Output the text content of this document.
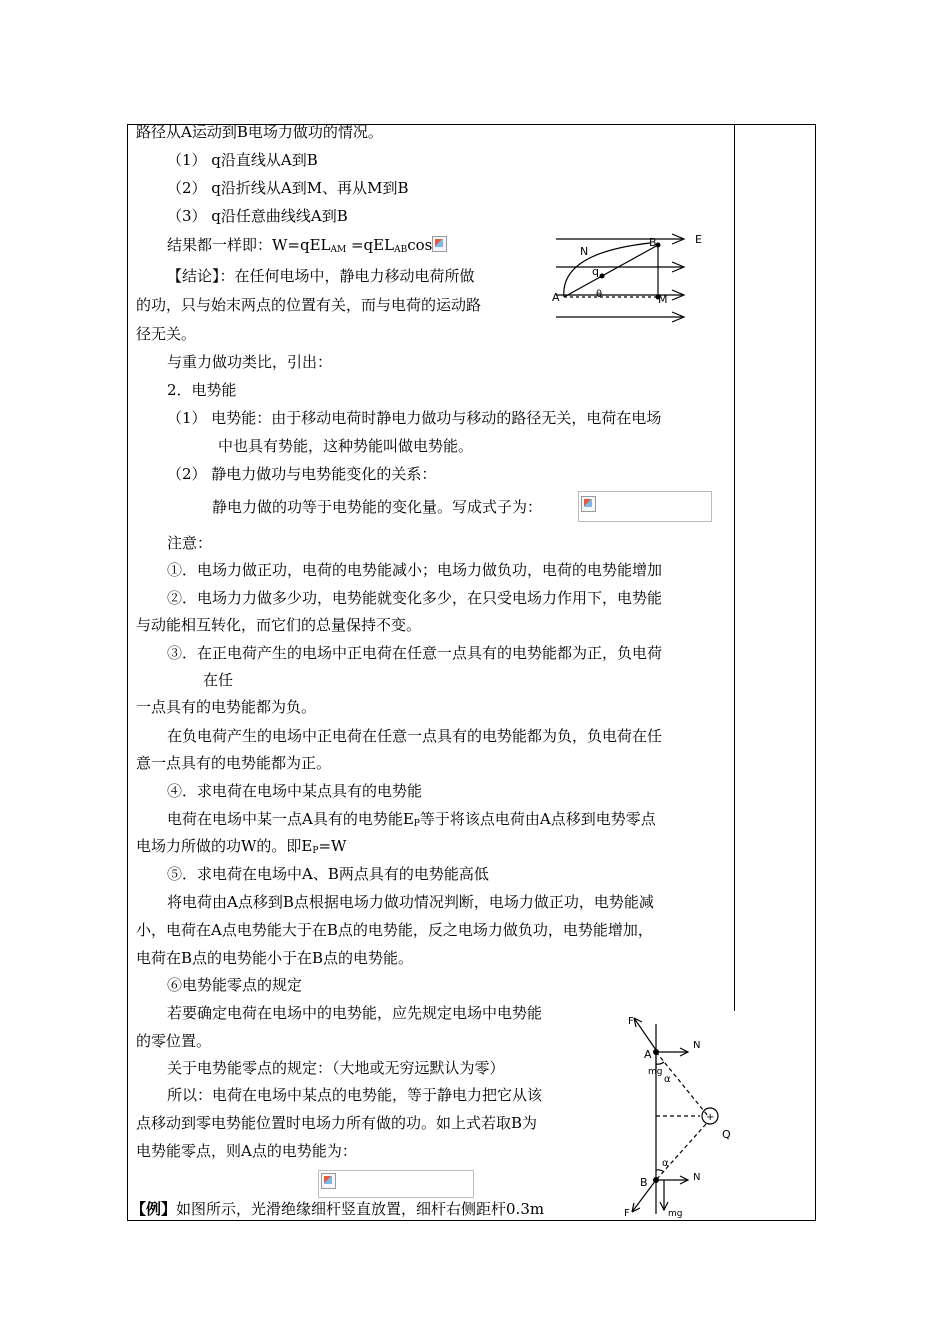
路径从A运动到B电场力做功的情况。
（1） q沿直线从A到B
（2） q沿折线从A到M、再从M到B
（3） q沿任意曲线线A到B
结果都一样即：W=qEL$_{AM}$ =qEL$_{AB}$cos
【结论】：在任何电场中，静电力移动电荷所做
的功，只与始末两点的位置有关，而与电荷的运动路
径无关。
E
N
B
q
θ
A	M
与重力做功类比，引出：
2．电势能
（1） 电势能：由于移动电荷时静电力做功与移动的路径无关，电荷在电场
中也具有势能，这种势能叫做电势能。
（2） 静电力做功与电势能变化的关系：
静电力做的功等于电势能的变化量。写成式子为：
注意：
①．电场力做正功，电荷的电势能减小；电场力做负功，电荷的电势能增加
②．电场力力做多少功，电势能就变化多少，在只受电场力作用下，电势能
与动能相互转化，而它们的总量保持不变。
③．在正电荷产生的电场中正电荷在任意一点具有的电势能都为正，负电荷
在任
一点具有的电势能都为负。
在负电荷产生的电场中正电荷在任意一点具有的电势能都为负，负电荷在任
意一点具有的电势能都为正。
④．求电荷在电场中某点具有的电势能
电荷在电场中某一点A具有的电势能$E_P$等于将该点电荷由A点移到电势零点
电场力所做的功W的。即$E_P=W$
⑤．求电荷在电场中A、B两点具有的电势能高低
将电荷由A点移到B点根据电场力做功情况判断，电场力做正功，电势能减
小，电荷在A点电势能大于在B点的电势能，反之电场力做负功，电势能增加，
电荷在B点的电势能小于在B点的电势能。
⑥电势能零点的规定
若要确定电荷在电场中的电势能，应先规定电场中电势能
的零位置。
关于电势能零点的规定：（大地或无穷远默认为零）
所以：电荷在电场中某点的电势能，等于静电力把它从该
点移动到零电势能位置时电场力所有做的功。如上式若取B为
电势能零点，则A点的电势能为：
【例】如图所示，光滑绝缘细杆竖直放置，细杆右侧距杆0.3m
F
A
N
mg
α
+
Q
α
B	N
F	mg
